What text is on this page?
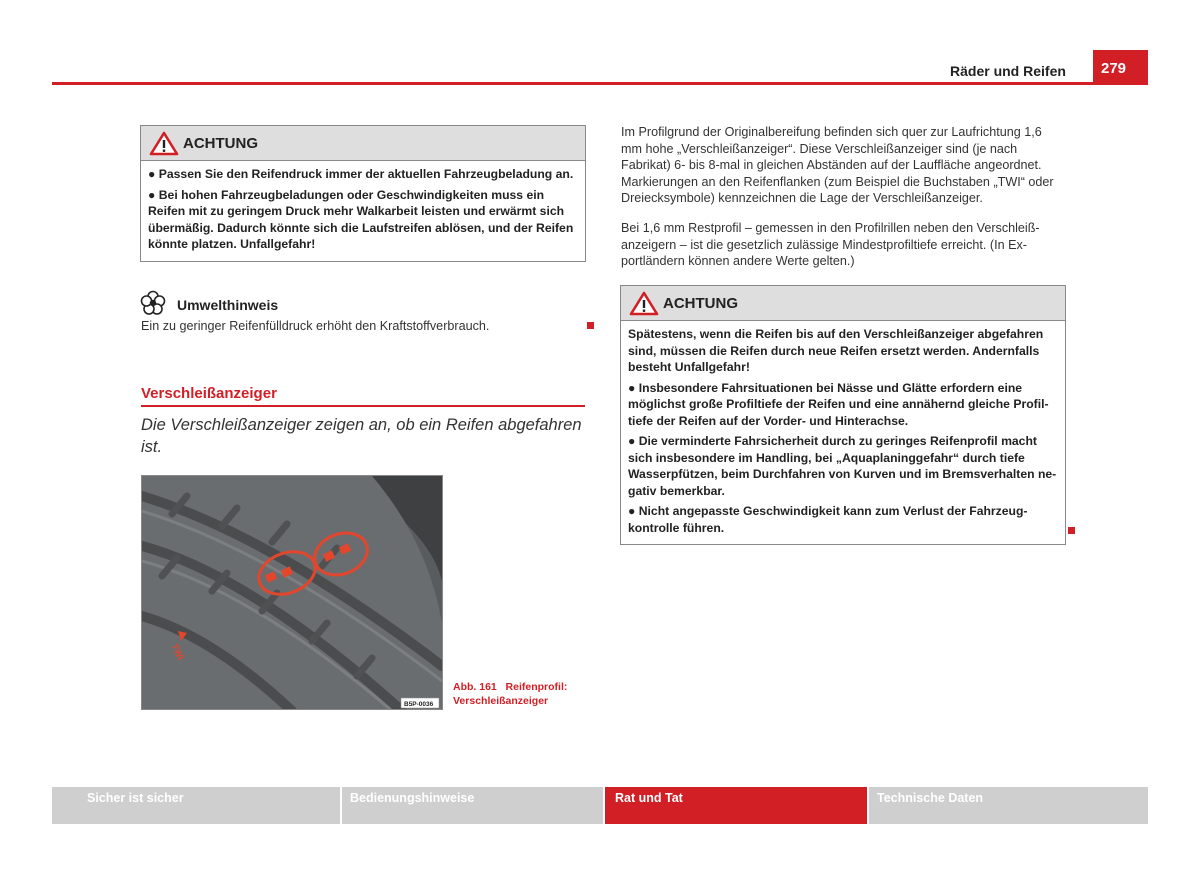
Räder und Reifen	279
ACHTUNG

● Passen Sie den Reifendruck immer der aktuellen Fahrzeugbeladung an.

● Bei hohen Fahrzeugbeladungen oder Geschwindigkeiten muss ein Reifen mit zu geringem Druck mehr Walkarbeit leisten und erwärmt sich übermäßig. Dadurch könnte sich die Laufstreifen ablösen, und der Reifen könnte platzen. Unfallgefahr!

Umwelthinweis
Ein zu geringer Reifenfülldruck erhöht den Kraftstoffverbrauch.
Verschleißanzeiger
Die Verschleißanzeiger zeigen an, ob ein Reifen abgefahren ist.
TWI
B5P-0036
Abb. 161 Reifenprofil: Verschleißanzeiger
Im Profilgrund der Originalbereifung befinden sich quer zur Laufrichtung 1,6 mm hohe „Verschleißanzeiger“. Diese Verschleißanzeiger sind (je nach Fabrikat) 6- bis 8-mal in gleichen Abständen auf der Lauffläche angeordnet. Markierungen an den Reifenflanken (zum Beispiel die Buchstaben „TWI“ oder Dreiecksymbole) kennzeichnen die Lage der Verschleißanzeiger.
Bei 1,6 mm Restprofil – gemessen in den Profilrillen neben den Verschleiß-anzeigern – ist die gesetzlich zulässige Mindestprofiltiefe erreicht. (In Ex-portländern können andere Werte gelten.)
ACHTUNG

Spätestens, wenn die Reifen bis auf den Verschleißanzeiger abgefahren sind, müssen die Reifen durch neue Reifen ersetzt werden. Andernfalls besteht Unfallgefahr!

● Insbesondere Fahrsituationen bei Nässe und Glätte erfordern eine möglichst große Profiltiefe der Reifen und eine annähernd gleiche Profil-tiefe der Reifen auf der Vorder- und Hinterachse.

● Die verminderte Fahrsicherheit durch zu geringes Reifenprofil macht sich insbesondere im Handling, bei „Aquaplaninggefahr“ durch tiefe Wasserpfützen, beim Durchfahren von Kurven und im Bremsverhalten ne-gativ bemerkbar.

● Nicht angepasste Geschwindigkeit kann zum Verlust der Fahrzeug-kontrolle führen.

Sicher ist sicher	Bedienungshinweise	Rat und Tat	Technische Daten
